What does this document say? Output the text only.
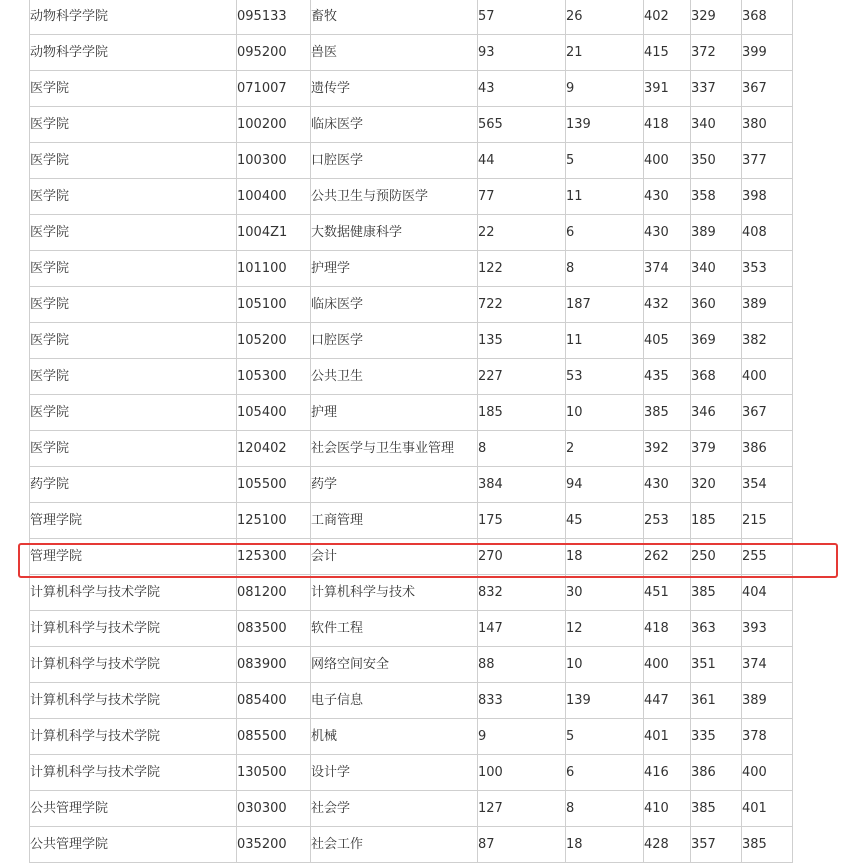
动物科学学院	095133	畜牧	57	26	402	329	368
动物科学学院	095200	兽医	93	21	415	372	399
医学院	071007	遗传学	43	9	391	337	367
医学院	100200	临床医学	565	139	418	340	380
医学院	100300	口腔医学	44	5	400	350	377
医学院	100400	公共卫生与预防医学	77	11	430	358	398
医学院	1004Z1	大数据健康科学	22	6	430	389	408
医学院	101100	护理学	122	8	374	340	353
医学院	105100	临床医学	722	187	432	360	389
医学院	105200	口腔医学	135	11	405	369	382
医学院	105300	公共卫生	227	53	435	368	400
医学院	105400	护理	185	10	385	346	367
医学院	120402	社会医学与卫生事业管理	8	2	392	379	386
药学院	105500	药学	384	94	430	320	354
管理学院	125100	工商管理	175	45	253	185	215
管理学院	125300	会计	270	18	262	250	255
计算机科学与技术学院	081200	计算机科学与技术	832	30	451	385	404
计算机科学与技术学院	083500	软件工程	147	12	418	363	393
计算机科学与技术学院	083900	网络空间安全	88	10	400	351	374
计算机科学与技术学院	085400	电子信息	833	139	447	361	389
计算机科学与技术学院	085500	机械	9	5	401	335	378
计算机科学与技术学院	130500	设计学	100	6	416	386	400
公共管理学院	030300	社会学	127	8	410	385	401
公共管理学院	035200	社会工作	87	18	428	357	385
